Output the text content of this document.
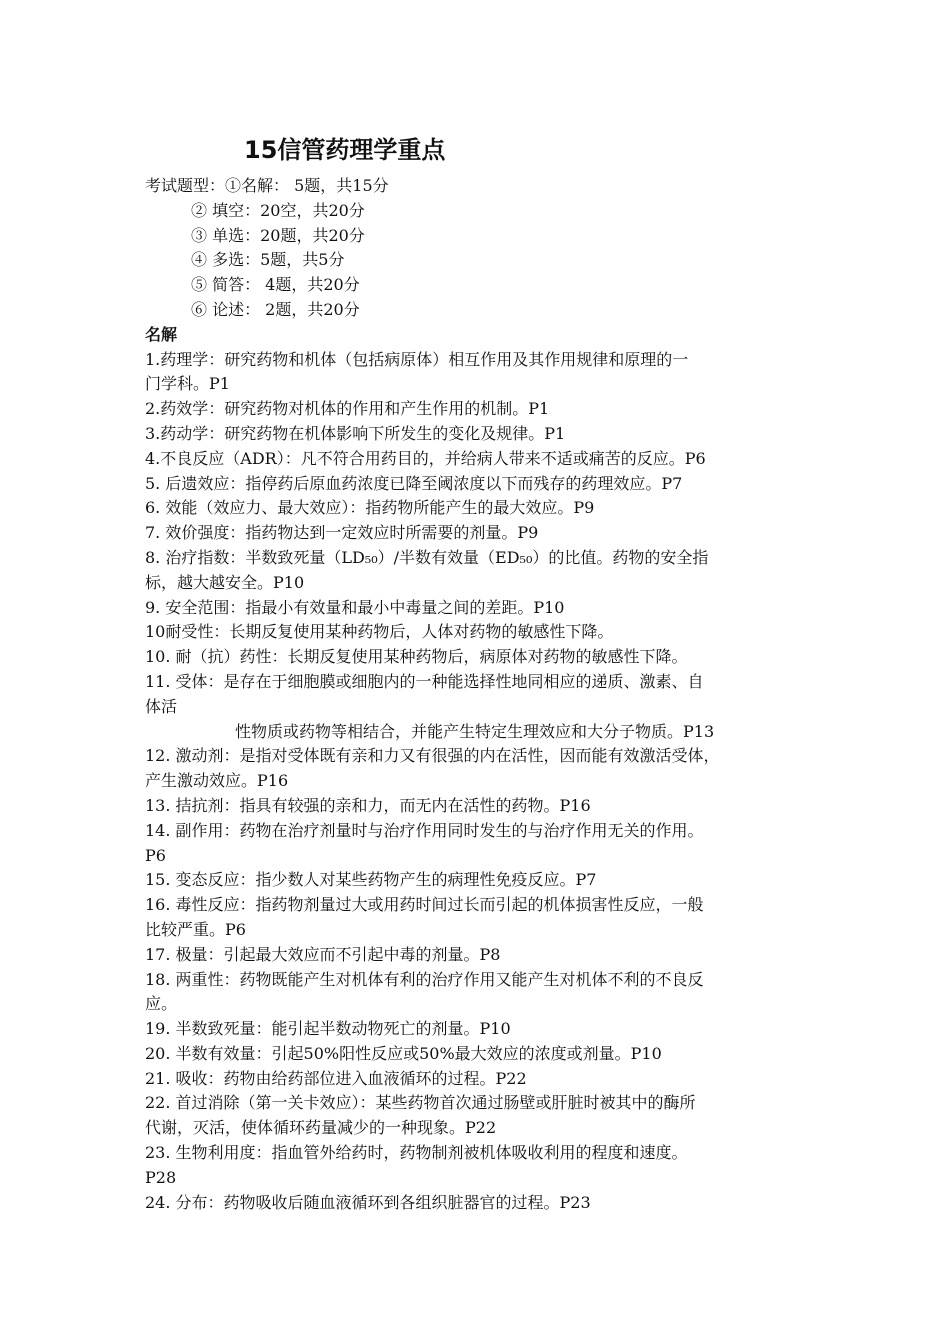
15信管药理学重点
考试题型：①名解： 5题，共15分
② 填空：20空，共20分
③ 单选：20题，共20分
④ 多选：5题，共5分
⑤ 简答： 4题，共20分
⑥ 论述： 2题，共20分
名解
1.药理学：研究药物和机体（包括病原体）相互作用及其作用规律和原理的一
门学科。P1
2.药效学：研究药物对机体的作用和产生作用的机制。P1
3.药动学：研究药物在机体影响下所发生的变化及规律。P1
4.不良反应（ADR）：凡不符合用药目的，并给病人带来不适或痛苦的反应。P6
5. 后遗效应：指停药后原血药浓度已降至阈浓度以下而残存的药理效应。P7
6. 效能（效应力、最大效应）：指药物所能产生的最大效应。P9
7. 效价强度：指药物达到一定效应时所需要的剂量。P9
8. 治疗指数：半数致死量（LD₅₀）/半数有效量（ED₅₀）的比值。药物的安全指
标，越大越安全。P10
9. 安全范围：指最小有效量和最小中毒量之间的差距。P10
10耐受性：长期反复使用某种药物后，人体对药物的敏感性下降。
10. 耐（抗）药性：长期反复使用某种药物后，病原体对药物的敏感性下降。
11. 受体：是存在于细胞膜或细胞内的一种能选择性地同相应的递质、激素、自
体活
性物质或药物等相结合，并能产生特定生理效应和大分子物质。P13
12. 激动剂：是指对受体既有亲和力又有很强的内在活性，因而能有效激活受体，
产生激动效应。P16
13. 拮抗剂：指具有较强的亲和力，而无内在活性的药物。P16
14. 副作用：药物在治疗剂量时与治疗作用同时发生的与治疗作用无关的作用。
P6
15. 变态反应：指少数人对某些药物产生的病理性免疫反应。P7
16. 毒性反应：指药物剂量过大或用药时间过长而引起的机体损害性反应，一般
比较严重。P6
17. 极量：引起最大效应而不引起中毒的剂量。P8
18. 两重性：药物既能产生对机体有利的治疗作用又能产生对机体不利的不良反
应。
19. 半数致死量：能引起半数动物死亡的剂量。P10
20. 半数有效量：引起50%阳性反应或50%最大效应的浓度或剂量。P10
21. 吸收：药物由给药部位进入血液循环的过程。P22
22. 首过消除（第一关卡效应）：某些药物首次通过肠壁或肝脏时被其中的酶所
代谢，灭活，使体循环药量减少的一种现象。P22
23. 生物利用度：指血管外给药时，药物制剂被机体吸收利用的程度和速度。
P28
24. 分布：药物吸收后随血液循环到各组织脏器官的过程。P23
